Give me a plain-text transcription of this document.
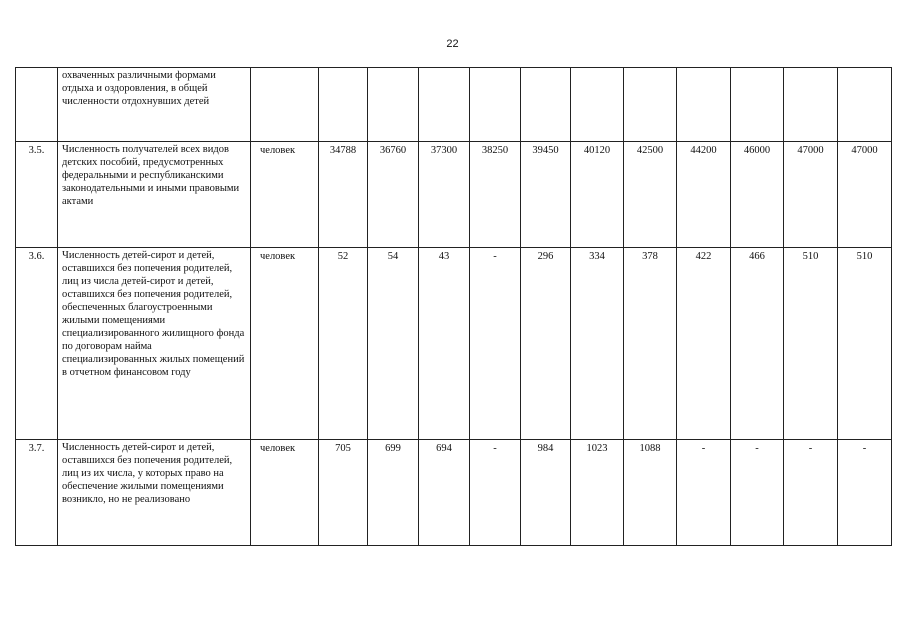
22
	охваченных различными формами отдыха и оздоровления, в общей численности отдохнувших детей												
3.5.	Численность получателей всех видов детских пособий, предусмотренных федеральными и республиканскими законодательными и иными правовыми актами	человек	34788	36760	37300	38250	39450	40120	42500	44200	46000	47000	47000
3.6.	Численность детей-сирот и детей, оставшихся без попечения родителей, лиц из числа детей-сирот и детей, оставшихся без попечения родителей, обеспеченных благоустроенными жилыми помещениями специализированного жилищного фонда по договорам найма специализированных жилых помещений в отчетном финансовом году	человек	52	54	43	-	296	334	378	422	466	510	510
3.7.	Численность детей-сирот и детей, оставшихся без попечения родителей, лиц из их числа, у которых право на обеспечение жилыми помещениями возникло, но не реализовано	человек	705	699	694	-	984	1023	1088	-	-	-	-
